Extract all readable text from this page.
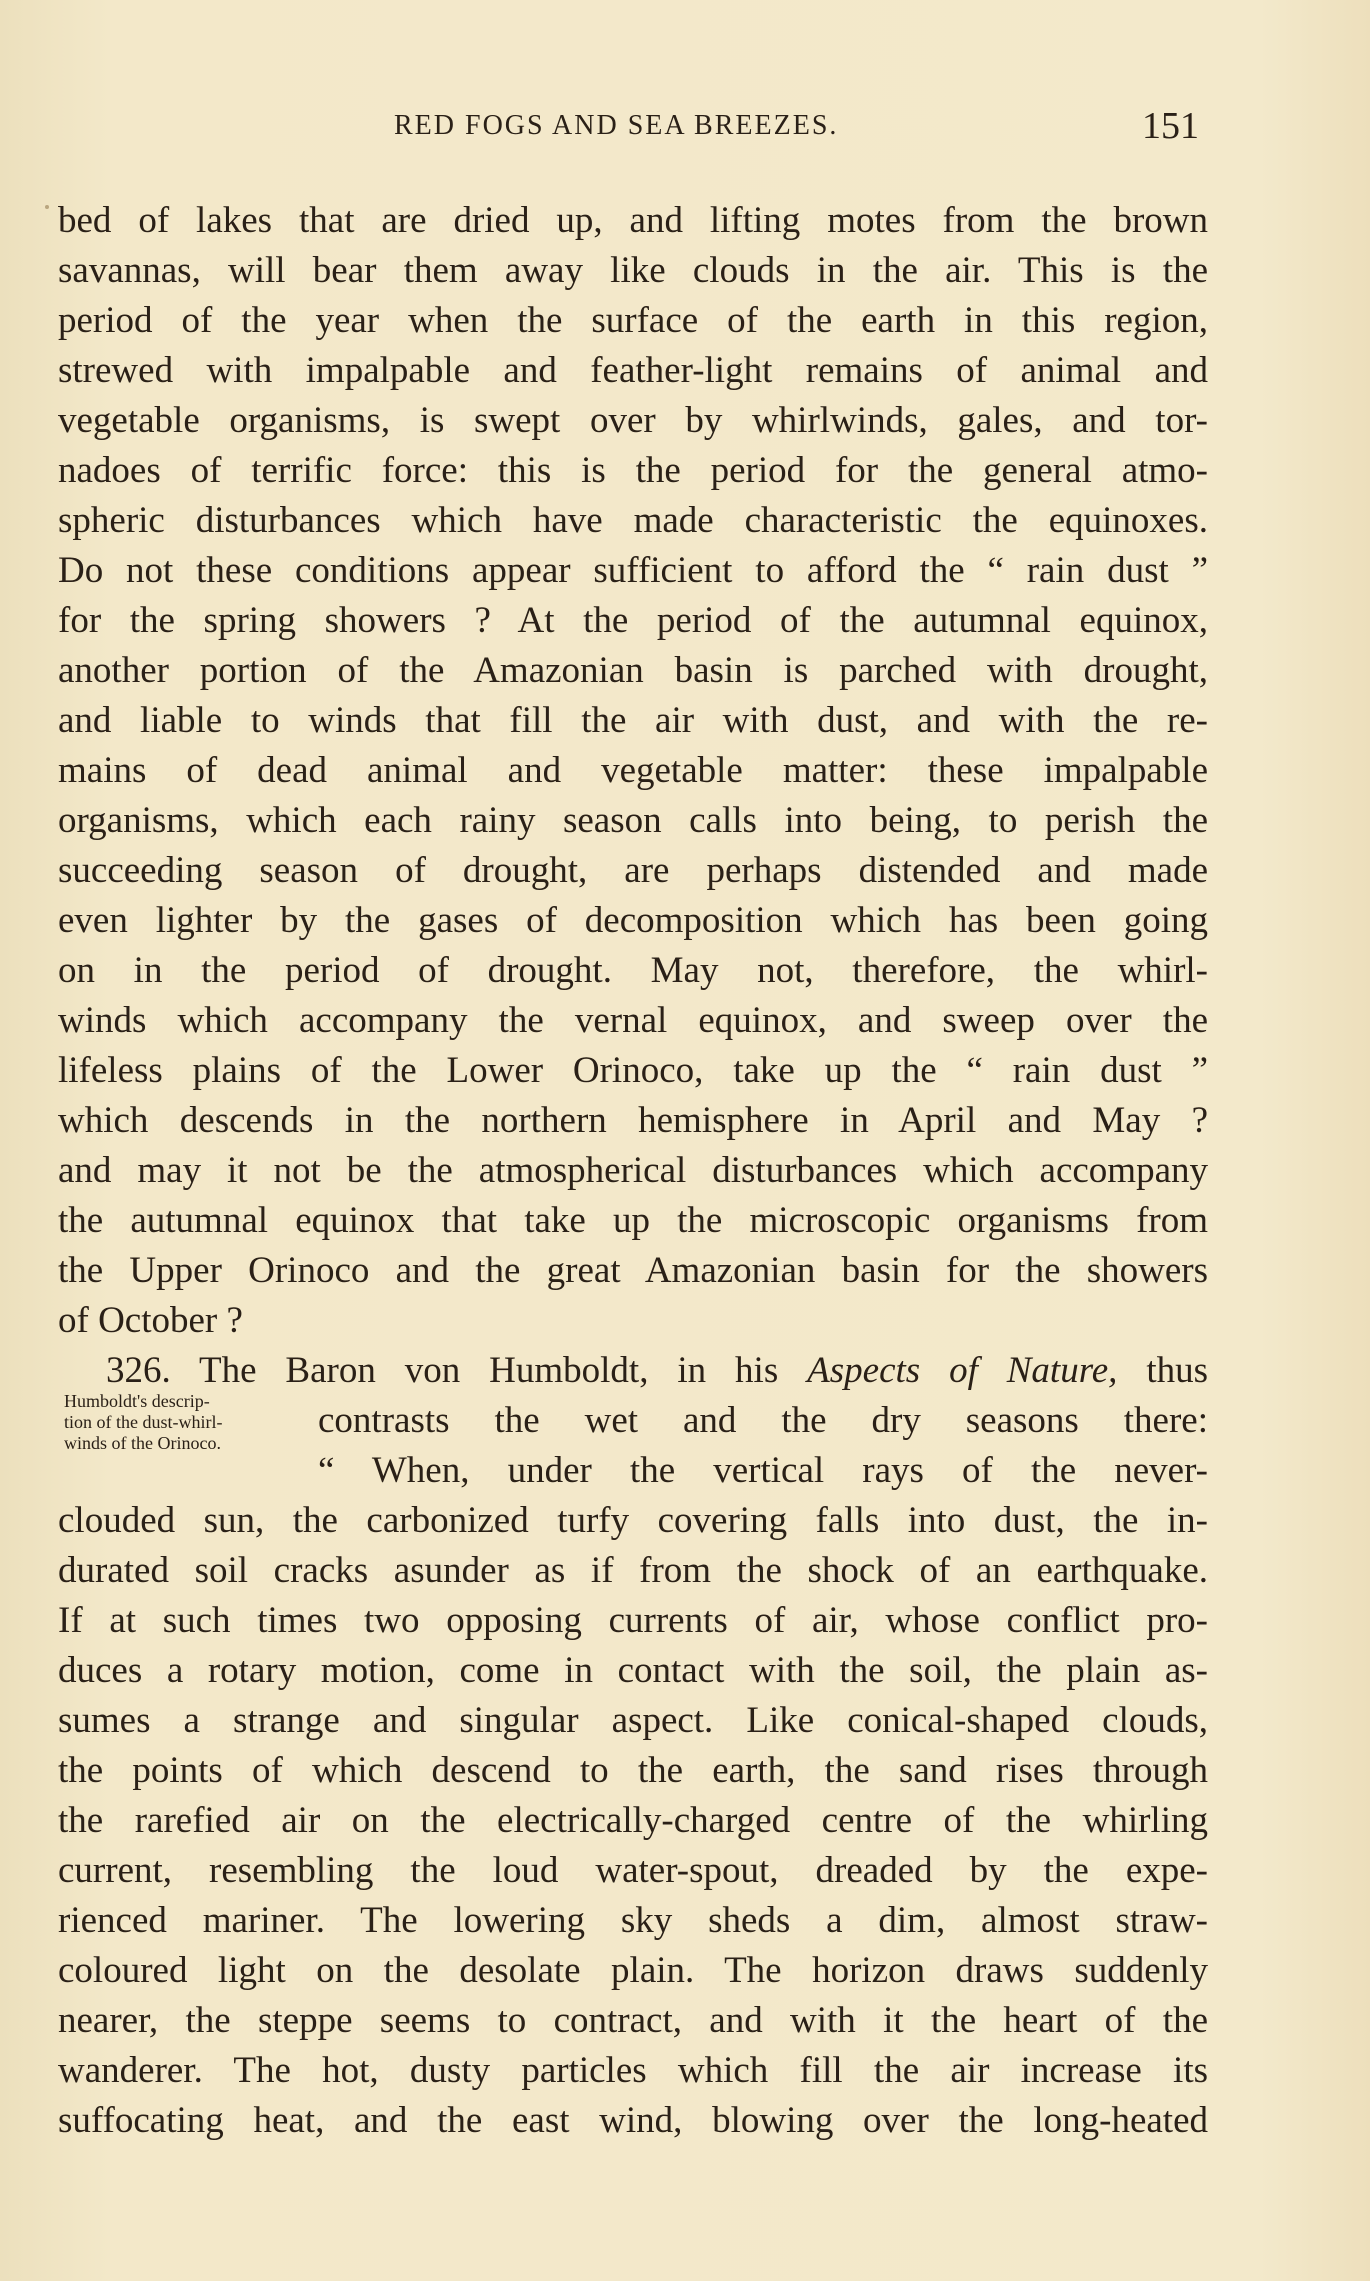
RED FOGS AND SEA BREEZES.	151
Humboldt's descrip-
tion of the dust-whirl-
winds of the Orinoco.
bed of lakes that are dried up, and lifting motes from the brown
savannas, will bear them away like clouds in the air. This is the
period of the year when the surface of the earth in this region,
strewed with impalpable and feather-light remains of animal and
vegetable organisms, is swept over by whirlwinds, gales, and tor-
nadoes of terrific force: this is the period for the general atmo-
spheric disturbances which have made characteristic the equinoxes.
Do not these conditions appear sufficient to afford the “ rain dust ”
for the spring showers ? At the period of the autumnal equinox,
another portion of the Amazonian basin is parched with drought,
and liable to winds that fill the air with dust, and with the re-
mains of dead animal and vegetable matter: these impalpable
organisms, which each rainy season calls into being, to perish the
succeeding season of drought, are perhaps distended and made
even lighter by the gases of decomposition which has been going
on in the period of drought. May not, therefore, the whirl-
winds which accompany the vernal equinox, and sweep over the
lifeless plains of the Lower Orinoco, take up the “ rain dust ”
which descends in the northern hemisphere in April and May ?
and may it not be the atmospherical disturbances which accompany
the autumnal equinox that take up the microscopic organisms from
the Upper Orinoco and the great Amazonian basin for the showers
of October ?
326. The Baron von Humboldt, in his Aspects of Nature, thus
contrasts the wet and the dry seasons there:
“ When, under the vertical rays of the never-
clouded sun, the carbonized turfy covering falls into dust, the in-
durated soil cracks asunder as if from the shock of an earthquake.
If at such times two opposing currents of air, whose conflict pro-
duces a rotary motion, come in contact with the soil, the plain as-
sumes a strange and singular aspect. Like conical-shaped clouds,
the points of which descend to the earth, the sand rises through
the rarefied air on the electrically-charged centre of the whirling
current, resembling the loud water-spout, dreaded by the expe-
rienced mariner. The lowering sky sheds a dim, almost straw-
coloured light on the desolate plain. The horizon draws suddenly
nearer, the steppe seems to contract, and with it the heart of the
wanderer. The hot, dusty particles which fill the air increase its
suffocating heat, and the east wind, blowing over the long-heated
